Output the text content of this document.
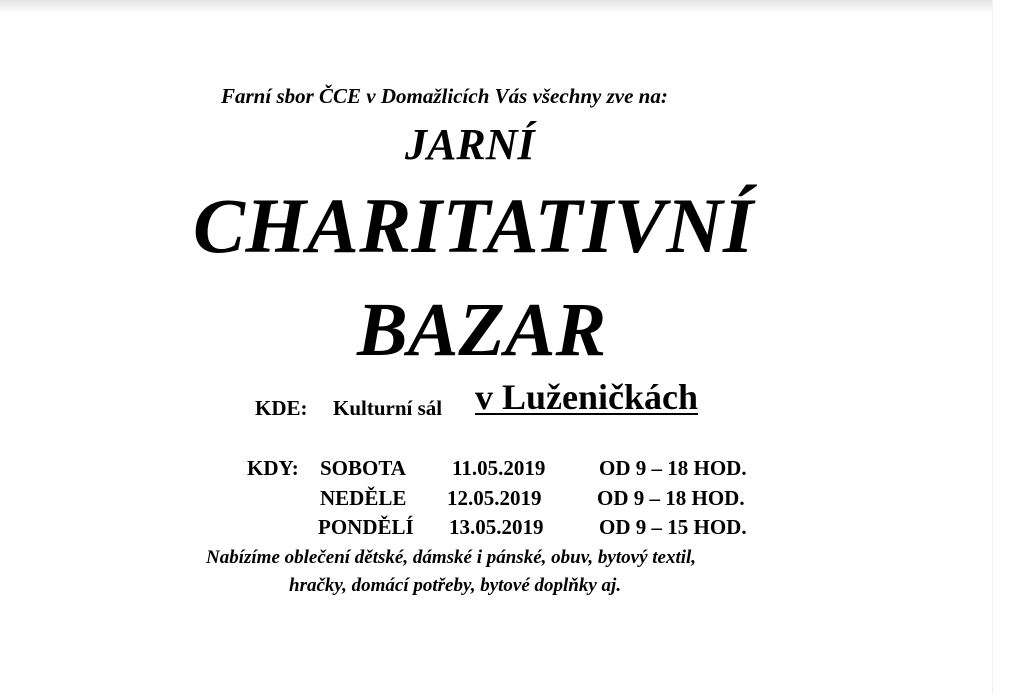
Farní sbor ČCE v Domažlicích Vás všechny zve na:
JARNÍ
CHARITATIVNÍ
BAZAR
KDE: Kulturní sál v Luženičkách
KDY: SOBOTA 11.05.2019	OD 9 – 18 HOD.
NEDĚLE 12.05.2019	OD 9 – 18 HOD.
PONDĚLÍ 13.05.2019	OD 9 – 15 HOD.
Nabízíme oblečení dětské, dámské i pánské, obuv, bytový textil,
hračky, domácí potřeby, bytové doplňky aj.
